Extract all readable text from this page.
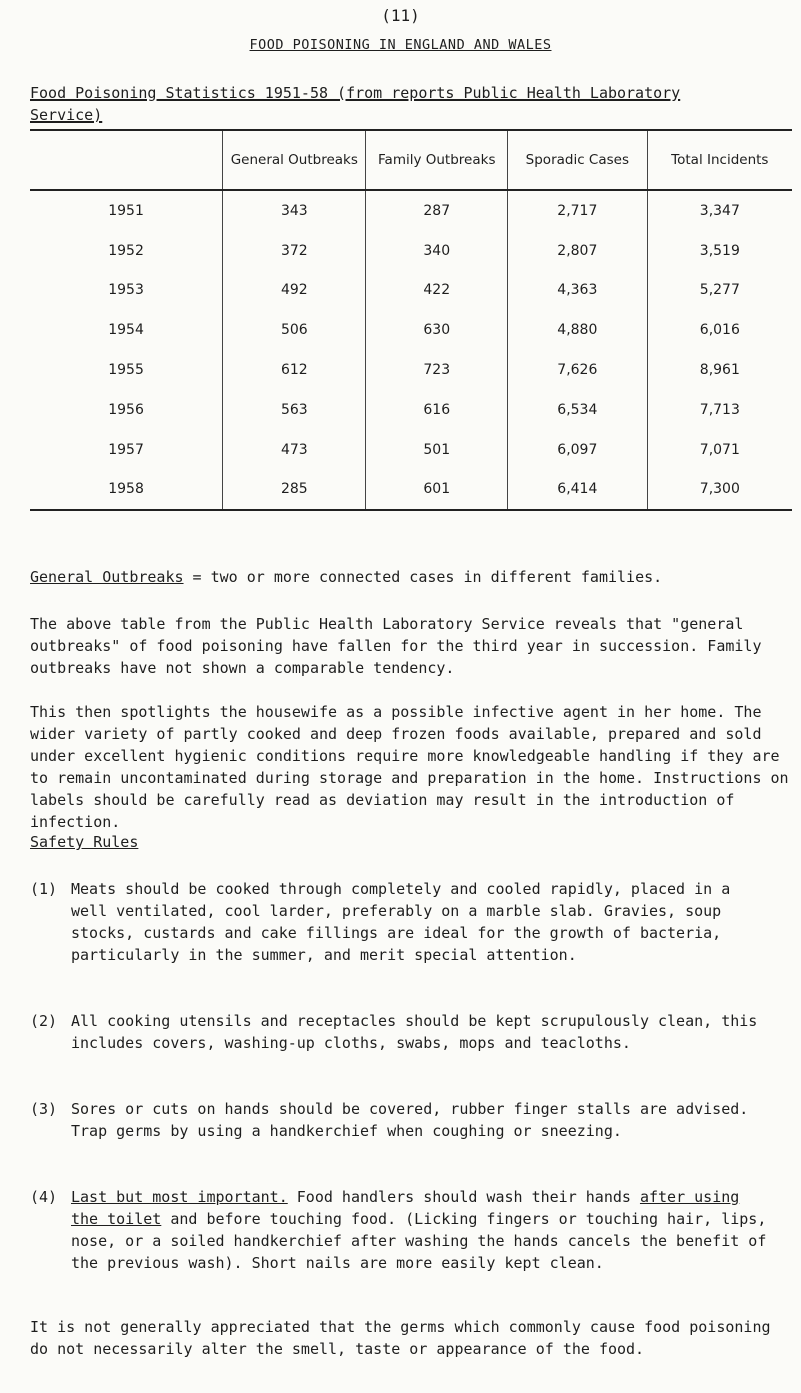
(11)
FOOD POISONING IN ENGLAND AND WALES
Food Poisoning Statistics 1951-58 (from reports Public Health Laboratory Service)
	General Outbreaks	Family Outbreaks	Sporadic Cases	Total Incidents
1951	343	287	2,717	3,347
1952	372	340	2,807	3,519
1953	492	422	4,363	5,277
1954	506	630	4,880	6,016
1955	612	723	7,626	8,961
1956	563	616	6,534	7,713
1957	473	501	6,097	7,071
1958	285	601	6,414	7,300
General Outbreaks = two or more connected cases in different families.

The above table from the Public Health Laboratory Service reveals that "general outbreaks" of food poisoning have fallen for the third year in succession. Family outbreaks have not shown a comparable tendency.

This then spotlights the housewife as a possible infective agent in her home. The wider variety of partly cooked and deep frozen foods available, prepared and sold under excellent hygienic conditions require more knowledgeable handling if they are to remain uncontaminated during storage and preparation in the home. Instructions on labels should be carefully read as deviation may result in the introduction of infection.

Safety Rules
(1) Meats should be cooked through completely and cooled rapidly, placed in a well ventilated, cool larder, preferably on a marble slab. Gravies, soup stocks, custards and cake fillings are ideal for the growth of bacteria, particularly in the summer, and merit special attention.
(2) All cooking utensils and receptacles should be kept scrupulously clean, this includes covers, washing-up cloths, swabs, mops and teacloths.
(3) Sores or cuts on hands should be covered, rubber finger stalls are advised. Trap germs by using a handkerchief when coughing or sneezing.
(4) Last but most important. Food handlers should wash their hands after using the toilet and before touching food. (Licking fingers or touching hair, lips, nose, or a soiled handkerchief after washing the hands cancels the benefit of the previous wash). Short nails are more easily kept clean.

It is not generally appreciated that the germs which commonly cause food poisoning do not necessarily alter the smell, taste or appearance of the food.
